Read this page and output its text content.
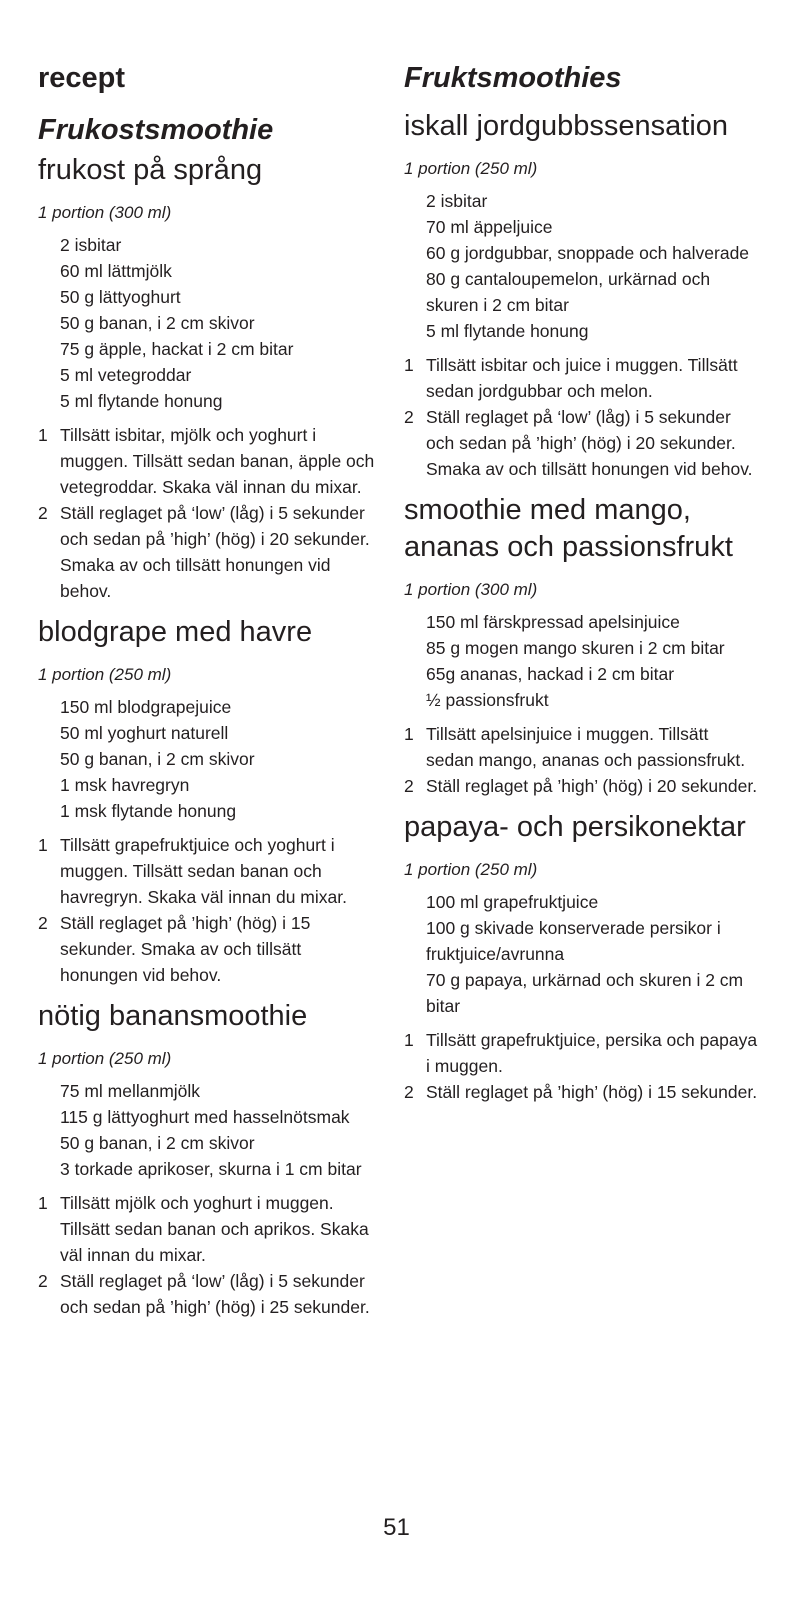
recept
Frukostsmoothie
frukost på språng

1 portion (300 ml)

2 isbitar
60 ml lättmjölk
50 g lättyoghurt
50 g banan, i 2 cm skivor
75 g äpple, hackat i 2 cm bitar
5 ml vetegroddar
5 ml flytande honung
1 Tillsätt isbitar, mjölk och yoghurt i muggen. Tillsätt sedan banan, äpple och vetegroddar. Skaka väl innan du mixar.
2 Ställ reglaget på ‘low’ (låg) i 5 sekunder och sedan på ’high’ (hög) i 20 sekunder. Smaka av och tillsätt honungen vid behov.
blodgrape med havre

1 portion (250 ml)

150 ml blodgrapejuice
50 ml yoghurt naturell
50 g banan, i 2 cm skivor
1 msk havregryn
1 msk flytande honung
1 Tillsätt grapefruktjuice och yoghurt i muggen. Tillsätt sedan banan och havregryn. Skaka väl innan du mixar.
2 Ställ reglaget på ’high’ (hög) i 15 sekunder. Smaka av och tillsätt honungen vid behov.
nötig banansmoothie

1 portion (250 ml)

75 ml mellanmjölk
115 g lättyoghurt med hasselnötsmak
50 g banan, i 2 cm skivor
3 torkade aprikoser, skurna i 1 cm bitar
1 Tillsätt mjölk och yoghurt i muggen. Tillsätt sedan banan och aprikos. Skaka väl innan du mixar.
2 Ställ reglaget på ‘low’ (låg) i 5 sekunder och sedan på ’high’ (hög) i 25 sekunder.
Fruktsmoothies
iskall jordgubbssensation

1 portion (250 ml)

2 isbitar
70 ml äppeljuice
60 g jordgubbar, snoppade och halverade
80 g cantaloupemelon, urkärnad och skuren i 2 cm bitar
5 ml flytande honung
1 Tillsätt isbitar och juice i muggen. Tillsätt sedan jordgubbar och melon.
2 Ställ reglaget på ‘low’ (låg) i 5 sekunder och sedan på ’high’ (hög) i 20 sekunder. Smaka av och tillsätt honungen vid behov.
smoothie med mango, ananas och passionsfrukt

1 portion (300 ml)

150 ml färskpressad apelsinjuice
85 g mogen mango skuren i 2 cm bitar
65g ananas, hackad i 2 cm bitar
½ passionsfrukt
1 Tillsätt apelsinjuice i muggen. Tillsätt sedan mango, ananas och passionsfrukt.
2 Ställ reglaget på ’high’ (hög) i 20 sekunder.
papaya- och persikonektar

1 portion (250 ml)

100 ml grapefruktjuice
100 g skivade konserverade persikor i fruktjuice/avrunna
70 g papaya, urkärnad och skuren i 2 cm bitar
1 Tillsätt grapefruktjuice, persika och papaya i muggen.
2 Ställ reglaget på ’high’ (hög) i 15 sekunder.
51
